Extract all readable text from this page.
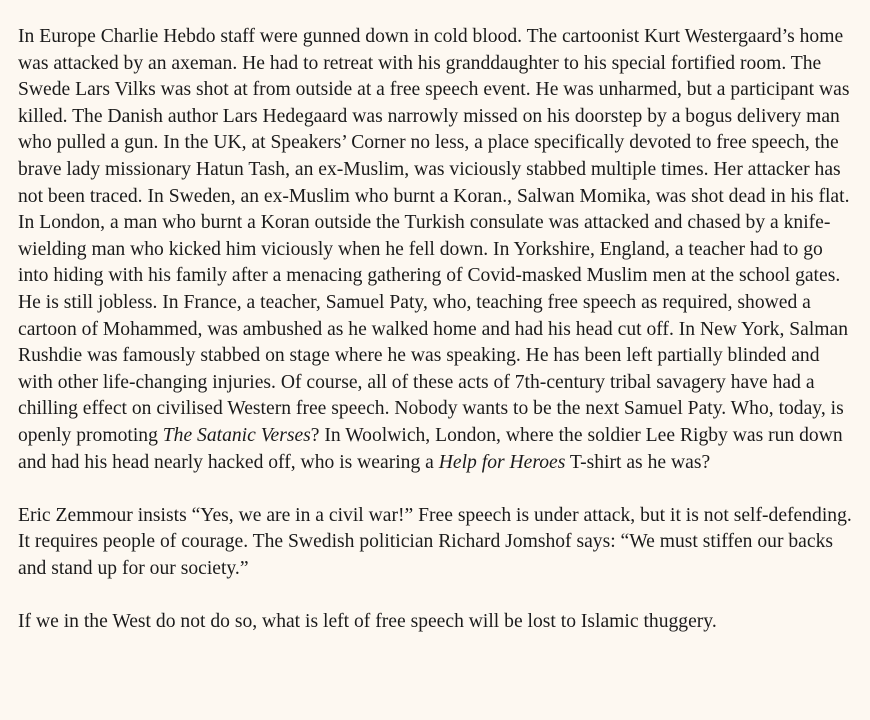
In Europe Charlie Hebdo staff were gunned down in cold blood. The cartoonist Kurt Westergaard’s home was attacked by an axeman. He had to retreat with his granddaughter to his special fortified room. The Swede Lars Vilks was shot at from outside at a free speech event. He was unharmed, but a participant was killed. The Danish author Lars Hedegaard was narrowly missed on his doorstep by a bogus delivery man who pulled a gun. In the UK, at Speakers’ Corner no less, a place specifically devoted to free speech, the brave lady missionary Hatun Tash, an ex-Muslim, was viciously stabbed multiple times. Her attacker has not been traced. In Sweden, an ex-Muslim who burnt a Koran., Salwan Momika, was shot dead in his flat. In London, a man who burnt a Koran outside the Turkish consulate was attacked and chased by a knife-wielding man who kicked him viciously when he fell down. In Yorkshire, England, a teacher had to go into hiding with his family after a menacing gathering of Covid-masked Muslim men at the school gates. He is still jobless. In France, a teacher, Samuel Paty, who, teaching free speech as required, showed a cartoon of Mohammed, was ambushed as he walked home and had his head cut off. In New York, Salman Rushdie was famously stabbed on stage where he was speaking. He has been left partially blinded and with other life-changing injuries. Of course, all of these acts of 7th-century tribal savagery have had a chilling effect on civilised Western free speech. Nobody wants to be the next Samuel Paty. Who, today, is openly promoting The Satanic Verses? In Woolwich, London, where the soldier Lee Rigby was run down and had his head nearly hacked off, who is wearing a Help for Heroes T-shirt as he was?

Eric Zemmour insists “Yes, we are in a civil war!” Free speech is under attack, but it is not self-defending. It requires people of courage. The Swedish politician Richard Jomshof says: “We must stiffen our backs and stand up for our society.”

If we in the West do not do so, what is left of free speech will be lost to Islamic thuggery.
